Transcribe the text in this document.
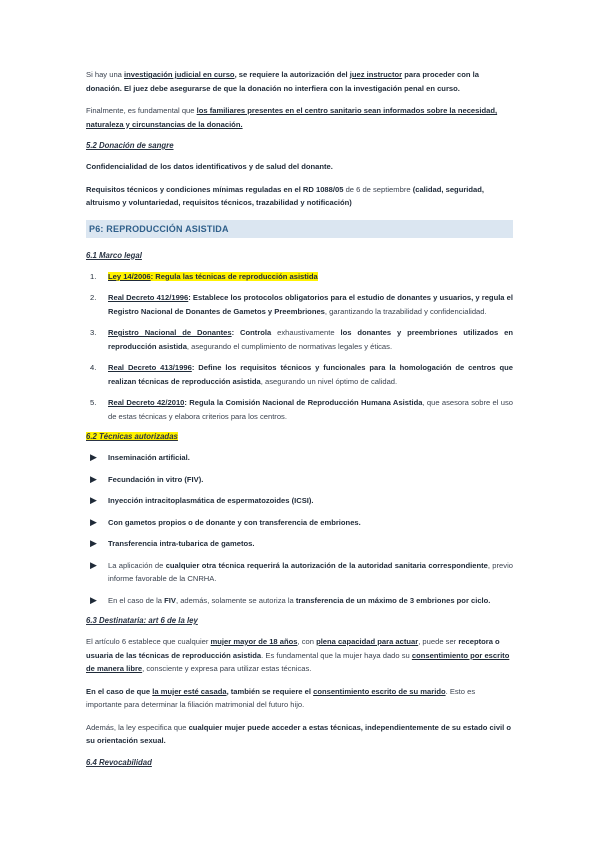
Si hay una investigación judicial en curso, se requiere la autorización del juez instructor para proceder con la donación. El juez debe asegurarse de que la donación no interfiera con la investigación penal en curso.

Finalmente, es fundamental que los familiares presentes en el centro sanitario sean informados sobre la necesidad, naturaleza y circunstancias de la donación.

5.2 Donación de sangre

Confidencialidad de los datos identificativos y de salud del donante.

Requisitos técnicos y condiciones mínimas reguladas en el RD 1088/05 de 6 de septiembre (calidad, seguridad, altruismo y voluntariedad, requisitos técnicos, trazabilidad y notificación)

P6: REPRODUCCIÓN ASISTIDA
6.1 Marco legal
1.	Ley 14/2006: Regula las técnicas de reproducción asistida
2.	Real Decreto 412/1996: Establece los protocolos obligatorios para el estudio de donantes y usuarios, y regula el Registro Nacional de Donantes de Gametos y Preembriones, garantizando la trazabilidad y confidencialidad.
3.	Registro Nacional de Donantes: Controla exhaustivamente los donantes y preembriones utilizados en reproducción asistida, asegurando el cumplimiento de normativas legales y éticas.
4.	Real Decreto 413/1996: Define los requisitos técnicos y funcionales para la homologación de centros que realizan técnicas de reproducción asistida, asegurando un nivel óptimo de calidad.
5.	Real Decreto 42/2010: Regula la Comisión Nacional de Reproducción Humana Asistida, que asesora sobre el uso de estas técnicas y elabora criterios para los centros.
6.2 Técnicas autorizadas
▶	Inseminación artificial.
▶	Fecundación in vitro (FIV).
▶	Inyección intracitoplasmática de espermatozoides (ICSI).
▶	Con gametos propios o de donante y con transferencia de embriones.
▶	Transferencia intra-tubarica de gametos.
▶	La aplicación de cualquier otra técnica requerirá la autorización de la autoridad sanitaria correspondiente, previo informe favorable de la CNRHA.
▶	En el caso de la FIV, además, solamente se autoriza la transferencia de un máximo de 3 embriones por ciclo.
6.3 Destinataria: art 6 de la ley

El artículo 6 establece que cualquier mujer mayor de 18 años, con plena capacidad para actuar, puede ser receptora o usuaria de las técnicas de reproducción asistida. Es fundamental que la mujer haya dado su consentimiento por escrito de manera libre, consciente y expresa para utilizar estas técnicas.

En el caso de que la mujer esté casada, también se requiere el consentimiento escrito de su marido. Esto es importante para determinar la filiación matrimonial del futuro hijo.

Además, la ley especifica que cualquier mujer puede acceder a estas técnicas, independientemente de su estado civil o su orientación sexual.

6.4 Revocabilidad
